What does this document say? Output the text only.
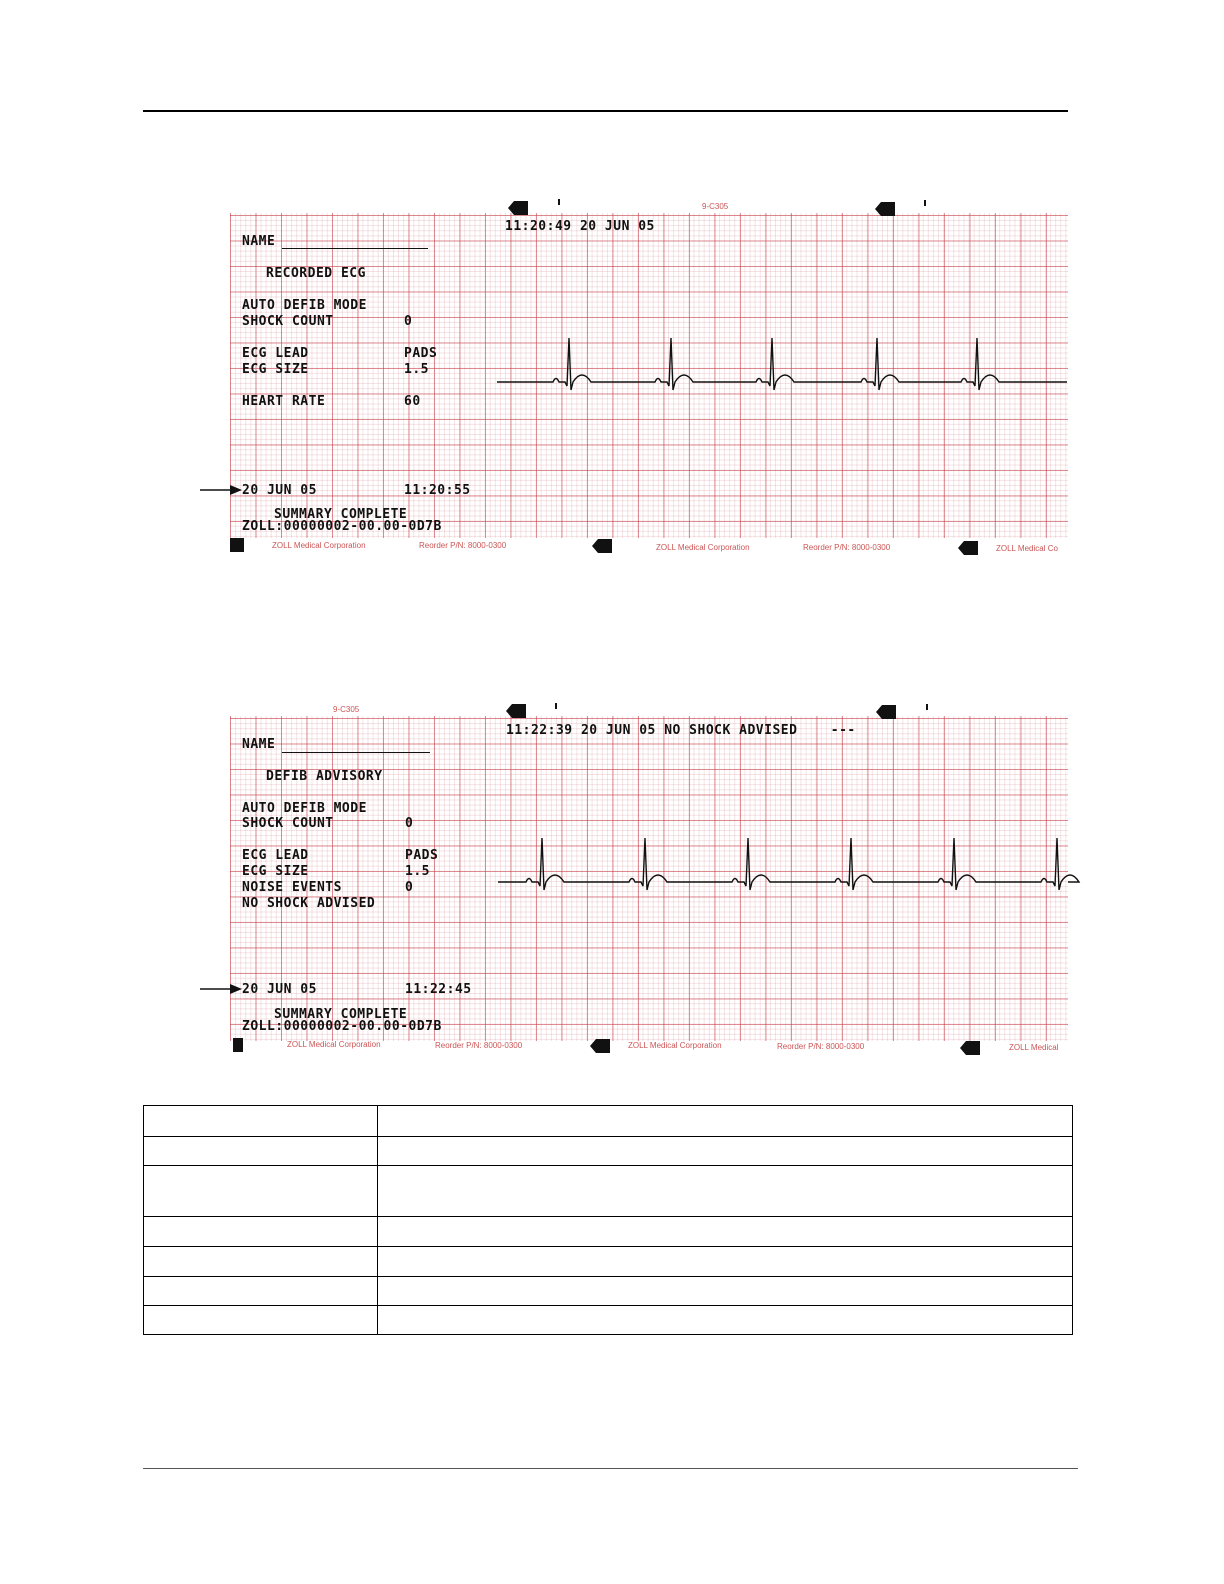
9-C305
11:20:49 20 JUN 05
NAME
RECORDED ECG
AUTO DEFIB MODE
SHOCK COUNT	0
ECG LEAD	PADS
ECG SIZE	1.5
HEART RATE	60
20 JUN 05	11:20:55
SUMMARY COMPLETE
ZOLL:00000002-00.00-0D7B
ZOLL Medical Corporation	Reorder P/N: 8000-0300	ZOLL Medical Corporation	Reorder P/N: 8000-0300	ZOLL Medical Co
9-C305
11:22:39 20 JUN 05 NO SHOCK ADVISED    ---
NAME
DEFIB ADVISORY
AUTO DEFIB MODE
SHOCK COUNT	0
ECG LEAD	PADS
ECG SIZE	1.5
NOISE EVENTS	0
NO SHOCK ADVISED
20 JUN 05	11:22:45
SUMMARY COMPLETE
ZOLL:00000002-00.00-0D7B
ZOLL Medical Corporation	Reorder P/N: 8000-0300	ZOLL Medical Corporation	Reorder P/N: 8000-0300	ZOLL Medical
